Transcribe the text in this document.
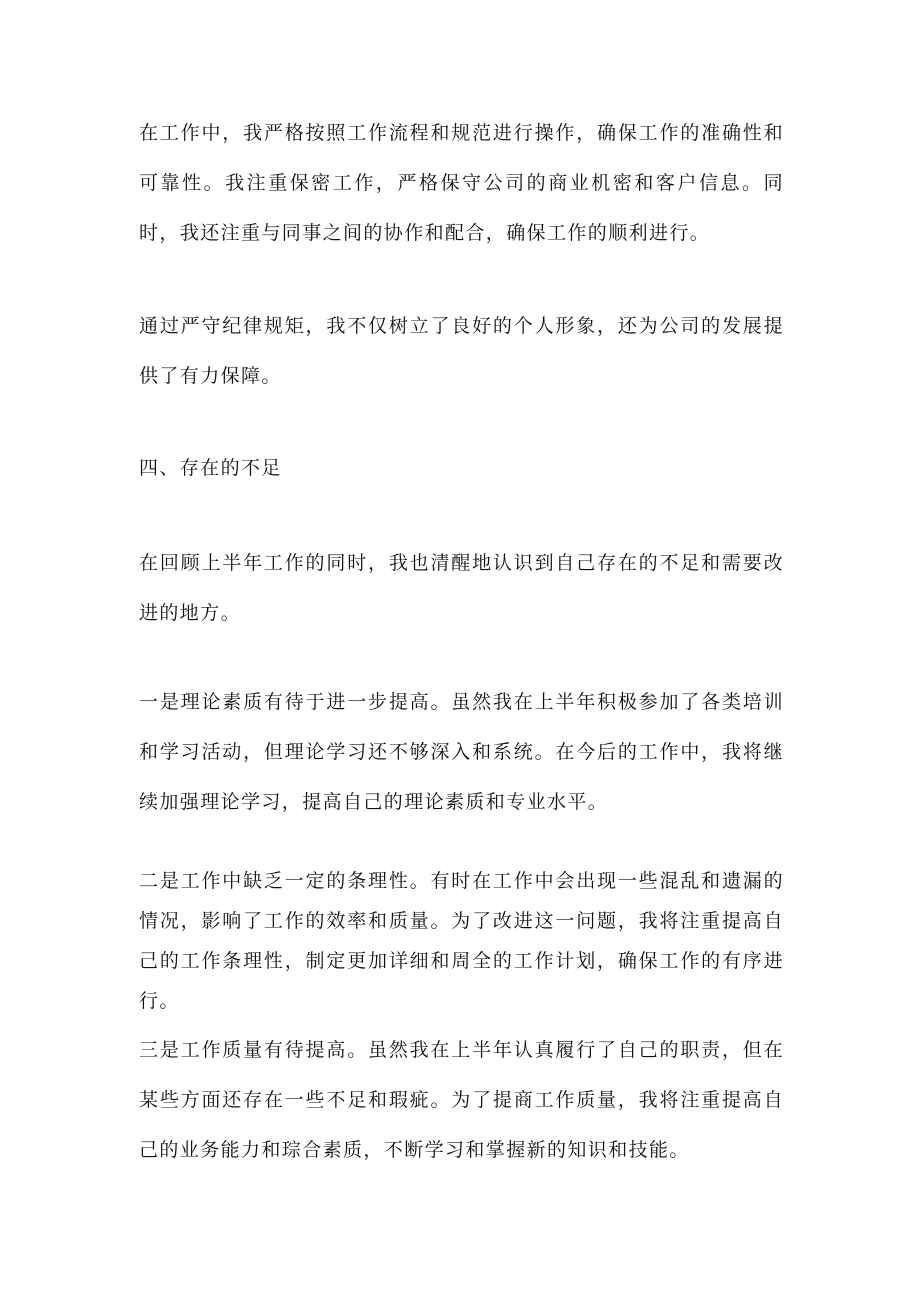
在工作中，我严格按照工作流程和规范进行操作，确保工作的准确性和可靠性。我注重保密工作，严格保守公司的商业机密和客户信息。同时，我还注重与同事之间的协作和配合，确保工作的顺利进行。

通过严守纪律规矩，我不仅树立了良好的个人形象，还为公司的发展提供了有力保障。

四、存在的不足

在回顾上半年工作的同时，我也清醒地认识到自己存在的不足和需要改进的地方。

一是理论素质有待于进一步提高。虽然我在上半年积极参加了各类培训和学习活动，但理论学习还不够深入和系统。在今后的工作中，我将继续加强理论学习，提高自己的理论素质和专业水平。

二是工作中缺乏一定的条理性。有时在工作中会出现一些混乱和遗漏的情况，影响了工作的效率和质量。为了改进这一问题，我将注重提高自己的工作条理性，制定更加详细和周全的工作计划，确保工作的有序进行。

三是工作质量有待提高。虽然我在上半年认真履行了自己的职责，但在某些方面还存在一些不足和瑕疵。为了提商工作质量，我将注重提高自己的业务能力和琮合素质，不断学习和掌握新的知识和技能。
